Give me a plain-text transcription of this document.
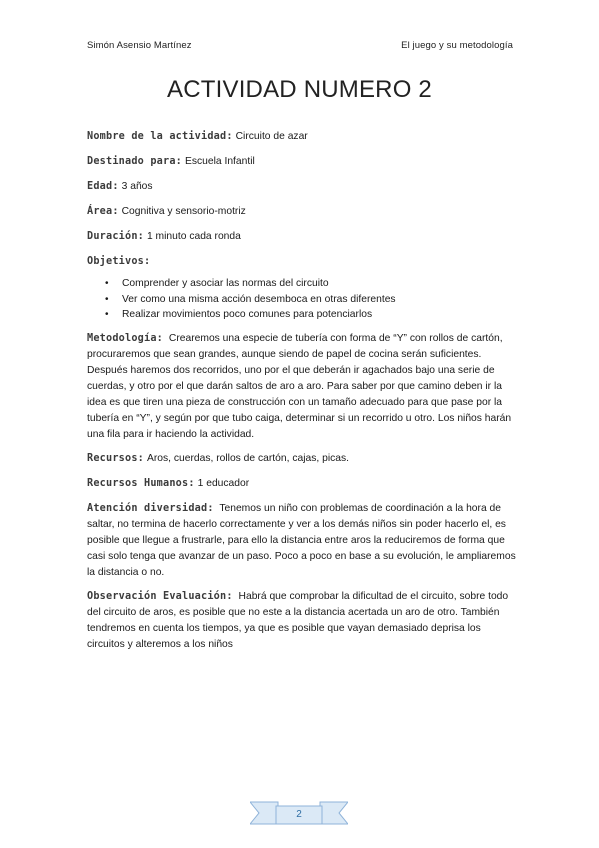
Simón Asensio Martínez	El juego y su metodología
ACTIVIDAD NUMERO 2
Nombre de la actividad: Circuito de azar
Destinado para: Escuela Infantil
Edad: 3 años
Área: Cognitiva y sensorio-motriz
Duración: 1 minuto cada ronda
Objetivos:
• Comprender y asociar las normas del circuito
• Ver como una misma acción desemboca en otras diferentes
• Realizar movimientos poco comunes para potenciarlos
Metodología: Crearemos una especie de tubería con forma de “Y” con rollos de cartón, procuraremos que sean grandes, aunque siendo de papel de cocina serán suficientes. Después haremos dos recorridos, uno por el que deberán ir agachados bajo una serie de cuerdas, y otro por el que darán saltos de aro a aro. Para saber por que camino deben ir la idea es que tiren una pieza de construcción con un tamaño adecuado para que pase por la tubería en “Y”, y según por que tubo caiga, determinar si un recorrido u otro. Los niños harán una fila para ir haciendo la actividad.
Recursos: Aros, cuerdas, rollos de cartón, cajas, picas.
Recursos Humanos: 1 educador
Atención diversidad: Tenemos un niño con problemas de coordinación a la hora de saltar, no termina de hacerlo correctamente y ver a los demás niños sin poder hacerlo el, es posible que llegue a frustrarle, para ello la distancia entre aros la reduciremos de forma que casi solo tenga que avanzar de un paso. Poco a poco en base a su evolución, le ampliaremos la distancia o no.
Observación Evaluación: Habrá que comprobar la dificultad de el circuito, sobre todo del circuito de aros, es posible que no este a la distancia acertada un aro de otro. También tendremos en cuenta los tiempos, ya que es posible que vayan demasiado deprisa los circuitos y alteremos a los niños
2
